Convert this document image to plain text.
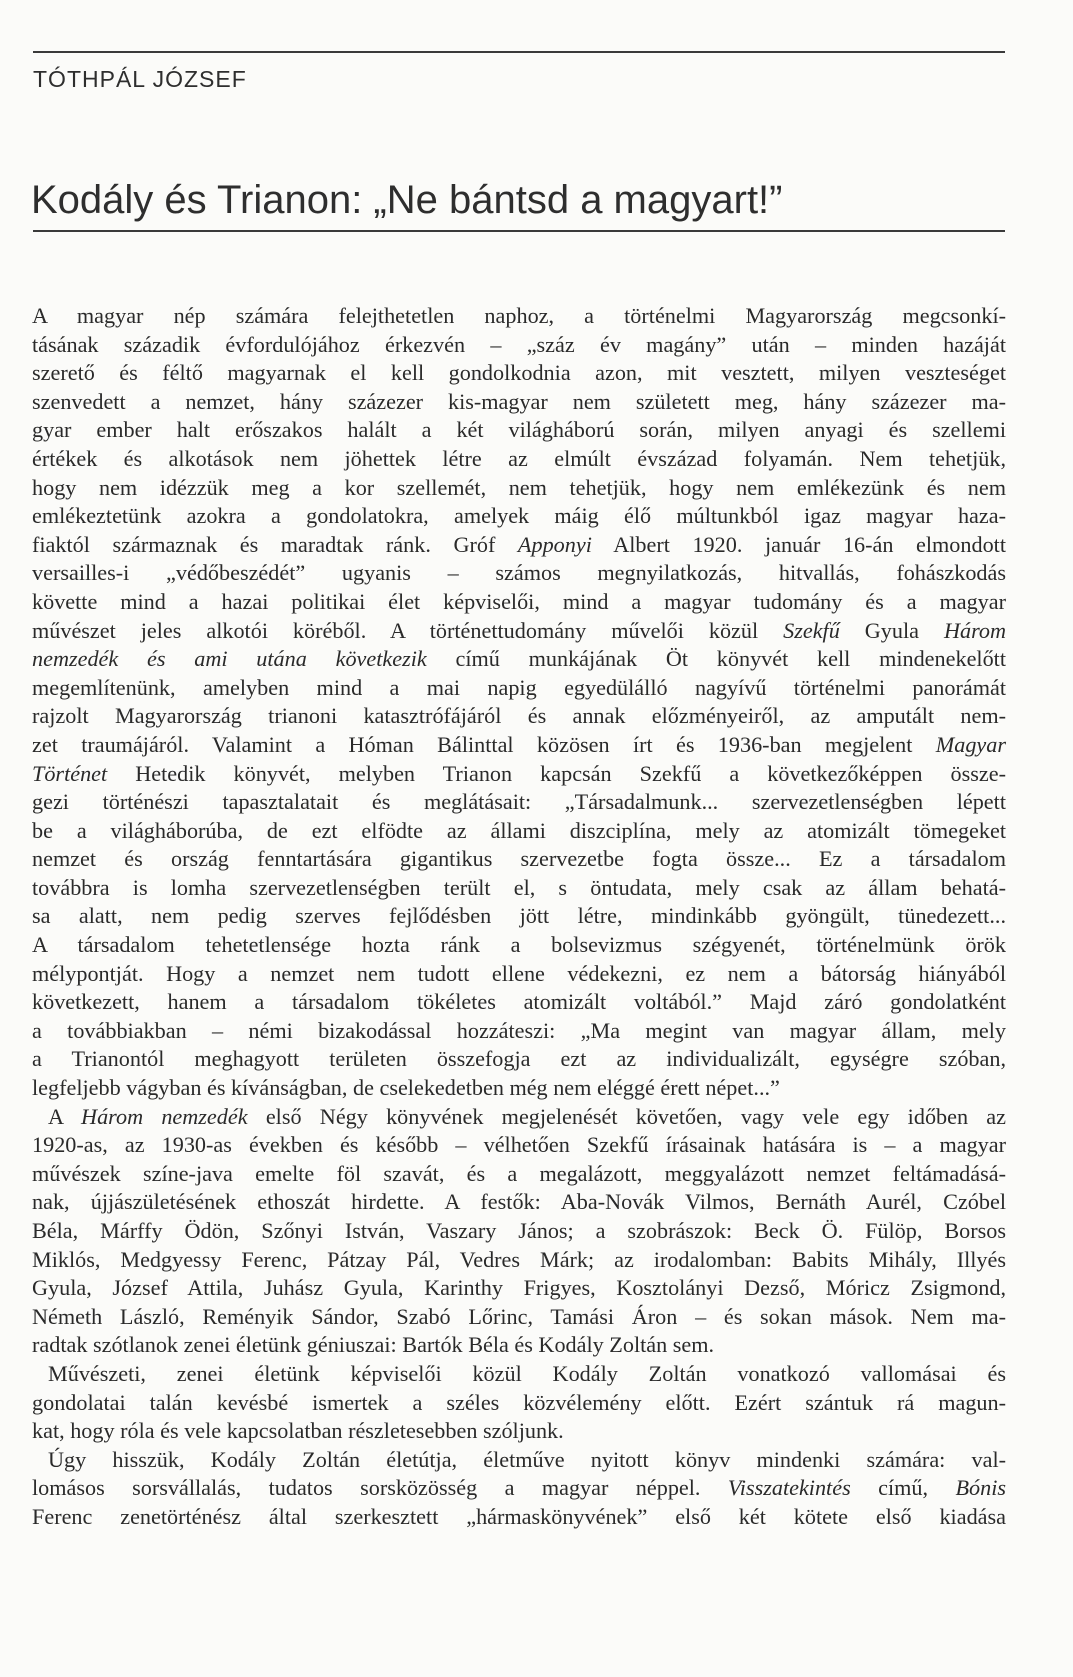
TÓTHPÁL JÓZSEF
Kodály és Trianon: „Ne bántsd a magyart!”
A magyar nép számára felejthetetlen naphoz, a történelmi Magyarország megcsonkí-
tásának századik évfordulójához érkezvén – „száz év magány” után – minden hazáját
szerető és féltő magyarnak el kell gondolkodnia azon, mit vesztett, milyen veszteséget
szenvedett a nemzet, hány százezer kis-magyar nem született meg, hány százezer ma-
gyar ember halt erőszakos halált a két világháború során, milyen anyagi és szellemi
értékek és alkotások nem jöhettek létre az elmúlt évszázad folyamán. Nem tehetjük,
hogy nem idézzük meg a kor szellemét, nem tehetjük, hogy nem emlékezünk és nem
emlékeztetünk azokra a gondolatokra, amelyek máig élő múltunkból igaz magyar haza-
fiaktól származnak és maradtak ránk. Gróf Apponyi Albert 1920. január 16-án elmondott
versailles-i „védőbeszédét” ugyanis – számos megnyilatkozás, hitvallás, fohászkodás
követte mind a hazai politikai élet képviselői, mind a magyar tudomány és a magyar
művészet jeles alkotói köréből. A történettudomány művelői közül Szekfű Gyula Három
nemzedék és ami utána következik című munkájának Öt könyvét kell mindenekelőtt
megemlítenünk, amelyben mind a mai napig egyedülálló nagyívű történelmi panorámát
rajzolt Magyarország trianoni katasztrófájáról és annak előzményeiről, az amputált nem-
zet traumájáról. Valamint a Hóman Bálinttal közösen írt és 1936-ban megjelent Magyar
Történet Hetedik könyvét, melyben Trianon kapcsán Szekfű a következőképpen össze-
gezi történészi tapasztalatait és meglátásait: „Társadalmunk... szervezetlenségben lépett
be a világháborúba, de ezt elfödte az állami diszciplína, mely az atomizált tömegeket
nemzet és ország fenntartására gigantikus szervezetbe fogta össze... Ez a társadalom
továbbra is lomha szervezetlenségben terült el, s öntudata, mely csak az állam behatá-
sa alatt, nem pedig szerves fejlődésben jött létre, mindinkább gyöngült, tünedezett...
A társadalom tehetetlensége hozta ránk a bolsevizmus szégyenét, történelmünk örök
mélypontját. Hogy a nemzet nem tudott ellene védekezni, ez nem a bátorság hiányából
következett, hanem a társadalom tökéletes atomizált voltából.” Majd záró gondolatként
a továbbiakban – némi bizakodással hozzáteszi: „Ma megint van magyar állam, mely
a Trianontól meghagyott területen összefogja ezt az individualizált, egységre szóban,
legfeljebb vágyban és kívánságban, de cselekedetben még nem eléggé érett népet...”
A Három nemzedék első Négy könyvének megjelenését követően, vagy vele egy időben az
1920-as, az 1930-as években és később – vélhetően Szekfű írásainak hatására is – a magyar
művészek színe-java emelte föl szavát, és a megalázott, meggyalázott nemzet feltámadásá-
nak, újjászületésének ethoszát hirdette. A festők: Aba-Novák Vilmos, Bernáth Aurél, Czóbel
Béla, Márffy Ödön, Szőnyi István, Vaszary János; a szobrászok: Beck Ö. Fülöp, Borsos
Miklós, Medgyessy Ferenc, Pátzay Pál, Vedres Márk; az irodalomban: Babits Mihály, Illyés
Gyula, József Attila, Juhász Gyula, Karinthy Frigyes, Kosztolányi Dezső, Móricz Zsigmond,
Németh László, Reményik Sándor, Szabó Lőrinc, Tamási Áron – és sokan mások. Nem ma-
radtak szótlanok zenei életünk géniuszai: Bartók Béla és Kodály Zoltán sem.
Művészeti, zenei életünk képviselői közül Kodály Zoltán vonatkozó vallomásai és
gondolatai talán kevésbé ismertek a széles közvélemény előtt. Ezért szántuk rá magun-
kat, hogy róla és vele kapcsolatban részletesebben szóljunk.
Úgy hisszük, Kodály Zoltán életútja, életműve nyitott könyv mindenki számára: val-
lomásos sorsvállalás, tudatos sorsközösség a magyar néppel. Visszatekintés című, Bónis
Ferenc zenetörténész által szerkesztett „hármaskönyvének” első két kötete első kiadása
